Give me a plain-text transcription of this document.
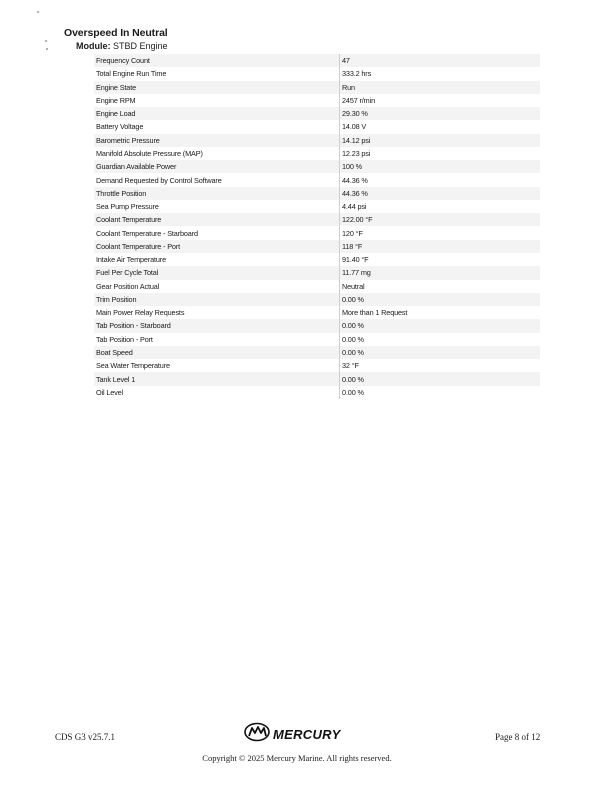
Overspeed In Neutral
Module: STBD Engine
Frequency Count	47
Total Engine Run Time	333.2 hrs
Engine State	Run
Engine RPM	2457 r/min
Engine Load	29.30 %
Battery Voltage	14.08 V
Barometric Pressure	14.12 psi
Manifold Absolute Pressure (MAP)	12.23 psi
Guardian Available Power	100 %
Demand Requested by Control Software	44.36 %
Throttle Position	44.36 %
Sea Pump Pressure	4.44 psi
Coolant Temperature	122.00 °F
Coolant Temperature - Starboard	120 °F
Coolant Temperature - Port	118 °F
Intake Air Temperature	91.40 °F
Fuel Per Cycle Total	11.77 mg
Gear Position Actual	Neutral
Trim Position	0.00 %
Main Power Relay Requests	More than 1 Request
Tab Position - Starboard	0.00 %
Tab Position - Port	0.00 %
Boat Speed	0.00 %
Sea Water Temperature	32 °F
Tank Level 1	0.00 %
Oil Level	0.00 %
CDS G3 v25.7.1	MERCURY	Page 8 of 12
Copyright © 2025 Mercury Marine. All rights reserved.
